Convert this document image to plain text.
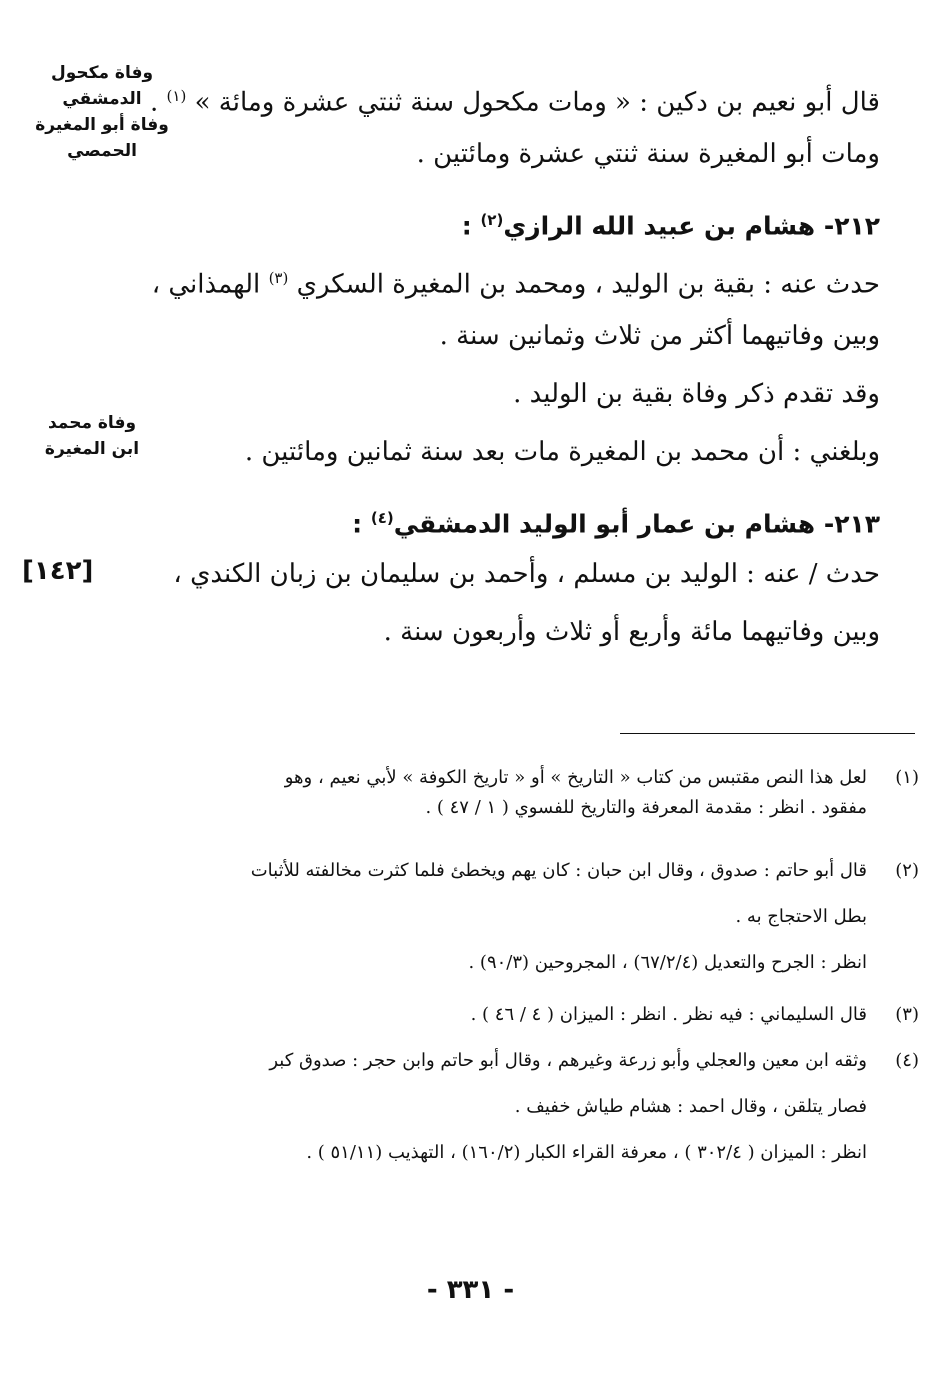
وفاة مكحول
الدمشقي
وفاة أبو المغيرة
الحمصي
وفاة محمد
ابن المغيرة
[١٤٢]
قال أبو نعيم بن دكين : « ومات مكحول سنة ثنتي عشرة ومائة » $^{(١)}$ .
ومات أبو المغيرة سنة ثنتي عشرة ومائتين .
٢١٢- هشام بن عبيد الله الرازي$^{(٢)}$ :
حدث عنه : بقية بن الوليد ، ومحمد بن المغيرة السكري $^{(٣)}$ الهمذاني ،
وبين وفاتيهما أكثر من ثلاث وثمانين سنة .
وقد تقدم ذكر وفاة بقية بن الوليد .
وبلغني : أن محمد بن المغيرة مات بعد سنة ثمانين ومائتين .
٢١٣- هشام بن عمار أبو الوليد الدمشقي$^{(٤)}$ :
حدث / عنه : الوليد بن مسلم ، وأحمد بن سليمان بن زبان الكندي ،
وبين وفاتيهما مائة وأربع أو ثلاث وأربعون سنة .
(١)
لعل هذا النص مقتبس من كتاب « التاريخ » أو « تاريخ الكوفة » لأبي نعيم ، وهو
مفقود . انظر : مقدمة المعرفة والتاريخ للفسوي ( ١ / ٤٧ ) .
(٢)
قال أبو حاتم : صدوق ، وقال ابن حبان : كان يهم ويخطئ فلما كثرت مخالفته للأثبات
بطل الاحتجاج به .
انظر : الجرح والتعديل (٦٧/٢/٤) ، المجروحين (٩٠/٣) .
(٣)
قال السليماني : فيه نظر . انظر : الميزان ( ٤ / ٤٦ ) .
(٤)
وثقه ابن معين والعجلي وأبو زرعة وغيرهم ، وقال أبو حاتم وابن حجر : صدوق كبر
فصار يتلقن ، وقال احمد : هشام طياش خفيف .
انظر : الميزان ( ٣٠٢/٤ ) ، معرفة القراء الكبار (١٦٠/٢) ، التهذيب (٥١/١١ ) .
- ٣٣١ -
